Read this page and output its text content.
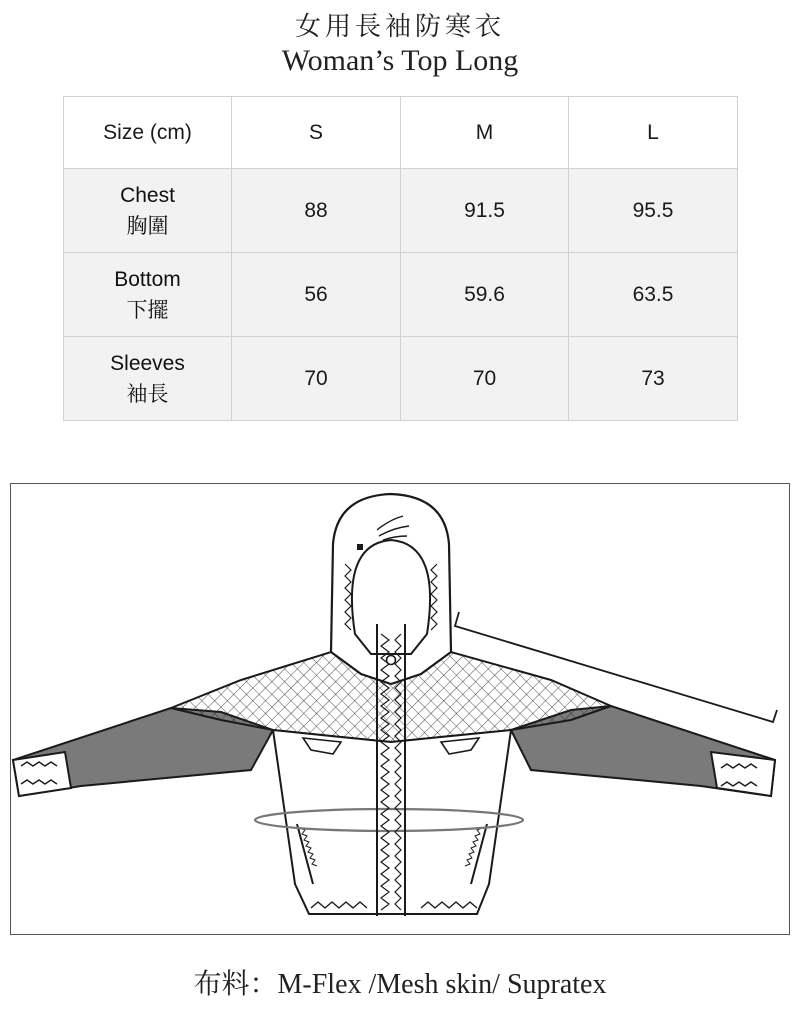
女用長袖防寒衣
Woman’s Top Long
Size (cm)	S	M	L

Chest
胸圍	88	91.5	95.5

Bottom
下擺	56	59.6	63.5

Sleeves
袖長	70	70	73
布料：M-Flex /Mesh skin/ Supratex
